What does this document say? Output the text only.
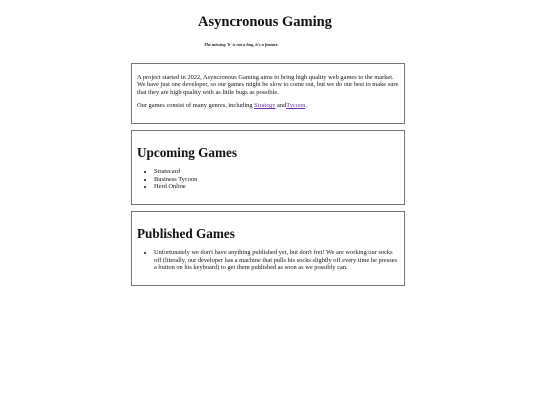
Asyncronous Gaming

The missing 'h' is not a bug, it's a feature.

A project started in 2022, Asyncronous Gaming aims to bring high quality web games to the market. We have just one developer, so our games might be slow to come out, but we do our best to make sure that they are high quality with as little bugs as possible.

Our games consist of many genres, including Strategy andTycoon.

Upcoming Games
• Stratecard
• Business Tycoon
• Herd Online
Published Games
• Unfortunately we don't have anything published yet, but don't fret! We are working our socks off (literally, our developer has a machine that pulls his socks slightly off every time he presses a button on his keyboard) to get them published as soon as we possibly can.
